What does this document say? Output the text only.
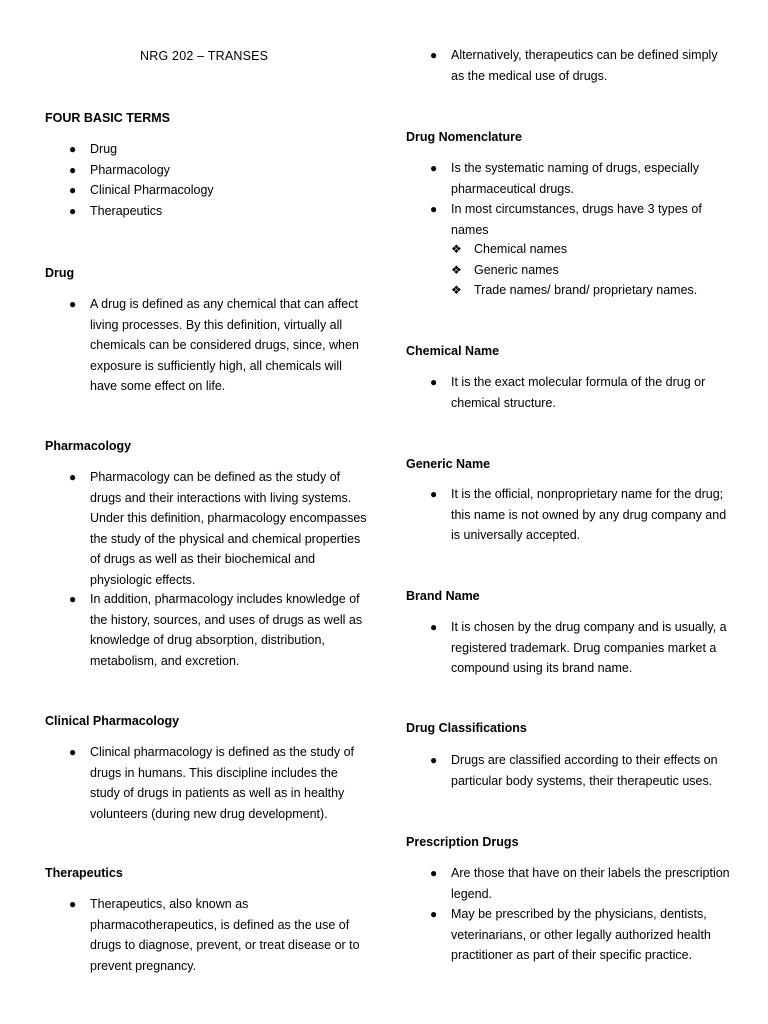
NRG 202 – TRANSES
FOUR BASIC TERMS
● Drug
● Pharmacology
● Clinical Pharmacology
● Therapeutics
Drug
● A drug is defined as any chemical that can affect living processes. By this definition, virtually all chemicals can be considered drugs, since, when exposure is sufficiently high, all chemicals will have some effect on life.
Pharmacology
● Pharmacology can be defined as the study of drugs and their interactions with living systems. Under this definition, pharmacology encompasses the study of the physical and chemical properties of drugs as well as their biochemical and physiologic effects.
● In addition, pharmacology includes knowledge of the history, sources, and uses of drugs as well as knowledge of drug absorption, distribution, metabolism, and excretion.
Clinical Pharmacology
● Clinical pharmacology is defined as the study of drugs in humans. This discipline includes the study of drugs in patients as well as in healthy volunteers (during new drug development).
Therapeutics
● Therapeutics, also known as pharmacotherapeutics, is defined as the use of drugs to diagnose, prevent, or treat disease or to prevent pregnancy.
● Alternatively, therapeutics can be defined simply as the medical use of drugs.
Drug Nomenclature
● Is the systematic naming of drugs, especially pharmaceutical drugs.
● In most circumstances, drugs have 3 types of names
❖ Chemical names
❖ Generic names
❖ Trade names/ brand/ proprietary names.
Chemical Name
● It is the exact molecular formula of the drug or chemical structure.
Generic Name
● It is the official, nonproprietary name for the drug; this name is not owned by any drug company and is universally accepted.
Brand Name
● It is chosen by the drug company and is usually, a registered trademark. Drug companies market a compound using its brand name.
Drug Classifications
● Drugs are classified according to their effects on particular body systems, their therapeutic uses.
Prescription Drugs
● Are those that have on their labels the prescription legend.
● May be prescribed by the physicians, dentists, veterinarians, or other legally authorized health practitioner as part of their specific practice.
